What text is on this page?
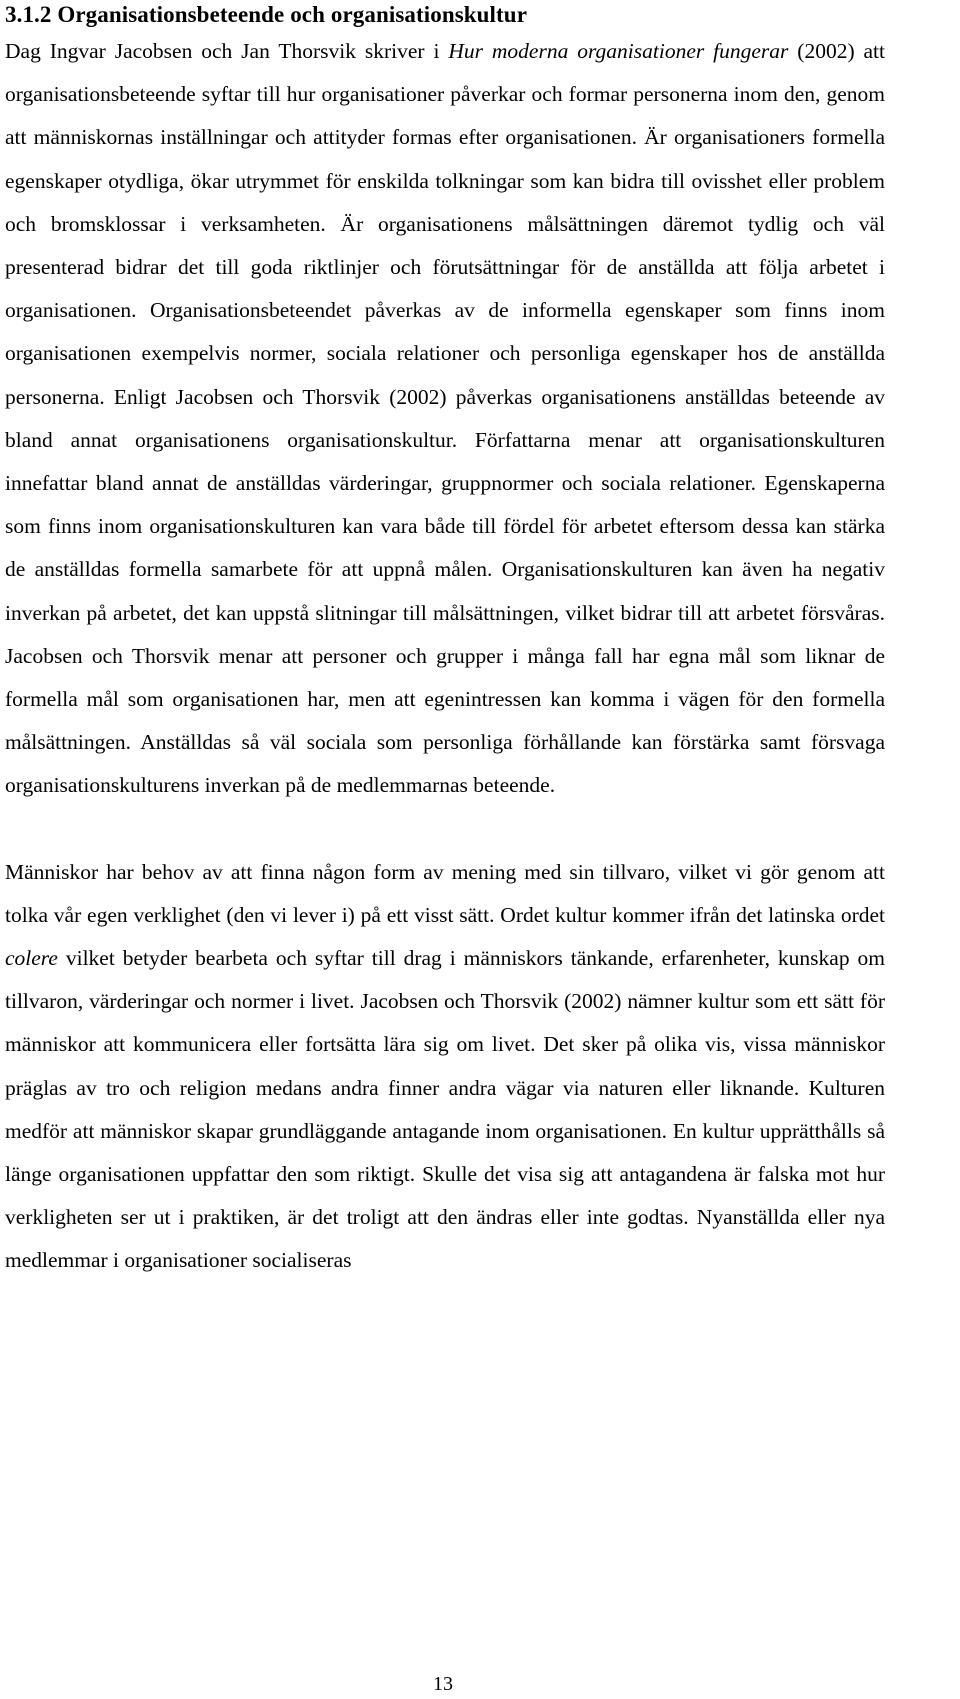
3.1.2 Organisationsbeteende och organisationskultur

Dag Ingvar Jacobsen och Jan Thorsvik skriver i Hur moderna organisationer fungerar (2002) att organisationsbeteende syftar till hur organisationer påverkar och formar personerna inom den, genom att människornas inställningar och attityder formas efter organisationen. Är organisationers formella egenskaper otydliga, ökar utrymmet för enskilda tolkningar som kan bidra till ovisshet eller problem och bromsklossar i verksamheten. Är organisationens målsättningen däremot tydlig och väl presenterad bidrar det till goda riktlinjer och förutsättningar för de anställda att följa arbetet i organisationen. Organisationsbeteendet påverkas av de informella egenskaper som finns inom organisationen exempelvis normer, sociala relationer och personliga egenskaper hos de anställda personerna. Enligt Jacobsen och Thorsvik (2002) påverkas organisationens anställdas beteende av bland annat organisationens organisationskultur. Författarna menar att organisationskulturen innefattar bland annat de anställdas värderingar, gruppnormer och sociala relationer. Egenskaperna som finns inom organisationskulturen kan vara både till fördel för arbetet eftersom dessa kan stärka de anställdas formella samarbete för att uppnå målen. Organisationskulturen kan även ha negativ inverkan på arbetet, det kan uppstå slitningar till målsättningen, vilket bidrar till att arbetet försvåras. Jacobsen och Thorsvik menar att personer och grupper i många fall har egna mål som liknar de formella mål som organisationen har, men att egenintressen kan komma i vägen för den formella målsättningen. Anställdas så väl sociala som personliga förhållande kan förstärka samt försvaga organisationskulturens inverkan på de medlemmarnas beteende.

Människor har behov av att finna någon form av mening med sin tillvaro, vilket vi gör genom att tolka vår egen verklighet (den vi lever i) på ett visst sätt. Ordet kultur kommer ifrån det latinska ordet colere vilket betyder bearbeta och syftar till drag i människors tänkande, erfarenheter, kunskap om tillvaron, värderingar och normer i livet. Jacobsen och Thorsvik (2002) nämner kultur som ett sätt för människor att kommunicera eller fortsätta lära sig om livet. Det sker på olika vis, vissa människor präglas av tro och religion medans andra finner andra vägar via naturen eller liknande. Kulturen medför att människor skapar grundläggande antagande inom organisationen. En kultur upprätthålls så länge organisationen uppfattar den som riktigt. Skulle det visa sig att antagandena är falska mot hur verkligheten ser ut i praktiken, är det troligt att den ändras eller inte godtas. Nyanställda eller nya medlemmar i organisationer socialiseras

13
